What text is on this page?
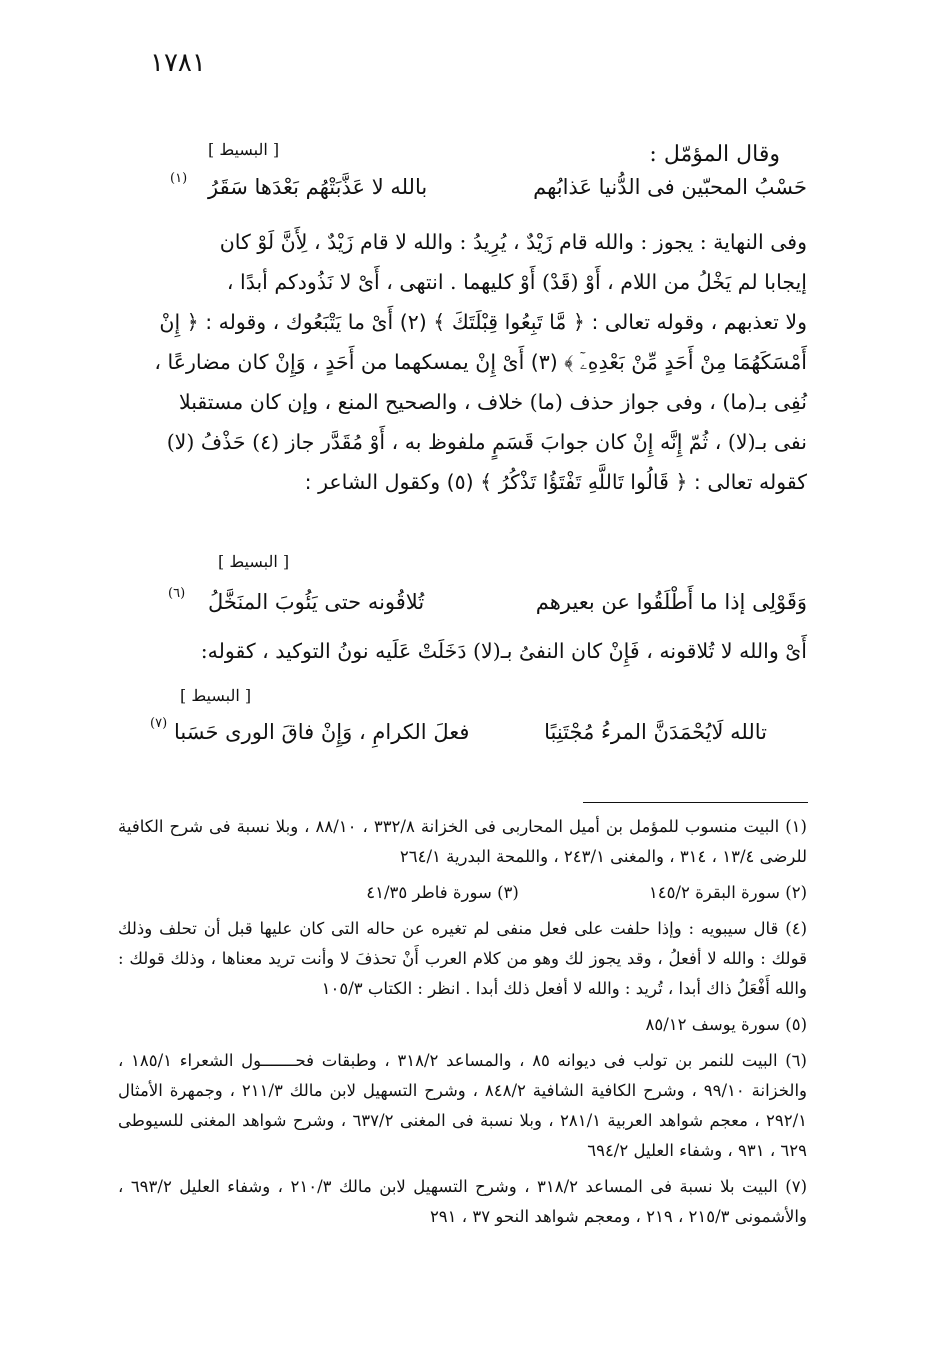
١٧٨١
[ البسيط ]	وقال المؤمّل :
حَسْبُ المحبّين فى الدُّنيا عَذابُهم
بالله لا عَذَّبَتْهُم بَعْدَها سَقَرُ
(١)

وفى النهاية : يجوز : والله قام زَيْدٌ ، يُرِيدُ : والله لا قام زَيْدٌ ، لِأَنَّ لَوْ كان

إيجابا لم يَخْلُ من اللام ، أَوْ (قَدْ) أَوْ كليهما . انتهى ، أَىْ لا نَذُودكم أبدًا ،

ولا تعذبهم ، وقوله تعالى : ﴿ مَّا تَبِعُوا قِبْلَتَكَ ﴾ (٢) أَىْ ما يَتْبَعُوك ، وقوله : ﴿ إِنْ

أَمْسَكَهُمَا مِنْ أَحَدٍ مِّنْ بَعْدِهِۦٓ ﴾ (٣) أَىْ إِنْ يمسكهما من أَحَدٍ ، وَإِنْ كان مضارعًا ،

نُفِى بـ(ما) ، وفى جواز حذف (ما) خلاف ، والصحيح المنع ، وإن كان مستقبلا

نفى بـ(لا) ، ثُمّ إِنَّه إِنْ كان جوابَ قَسَمٍ ملفوظ به ، أَوْ مُقَدَّر جاز (٤) حَذْفُ (لا)

كقوله تعالى : ﴿ قَالُوا تَاللَّهِ تَفْتَؤُا تَذْكُرُ ﴾ (٥) وكقول الشاعر :

[ البسيط ]
وَقَوْلِى إذا ما أَطْلَقُوا عن بعيرهم
تُلاقُونه حتى يَئُوبَ المنَخَّلُ
(٦)
أَىْ والله لا تُلاقونه ، فَإِنْ كان النفىُ بـ(لا) دَخَلَتْ عَلَيه نونُ التوكيد ، كقوله:
[ البسيط ]
تالله لَايُحْمَدَنَّ المرءُ مُجْتَنِبًا
فعلَ الكرامِ ، وَإِنْ فاقَ الورى حَسَبا
(٧)

(١) البيت منسوب للمؤمل بن أميل المحاربى فى الخزانة ٣٣٢/٨ ، ٨٨/١٠ ، وبلا نسبة فى شرح الكافية للرضى ١٣/٤ ، ٣١٤ ، والمغنى ٢٤٣/١ ، واللمحة البدرية ٢٦٤/١

(٢) سورة البقرة ١٤٥/٢
(٣) سورة فاطر ٤١/٣٥

(٤) قال سيبويه : وإذا حلفت على فعل منفى لم تغيره عن حاله التى كان عليها قبل أن تحلف وذلك قولك : والله لا أفعلُ ، وقد يجوز لك وهو من كلام العرب أَنْ تحذفَ لا وأنت تريد معناها ، وذلك قولك : والله أَفْعَلُ ذاك أبدا ، تُريد : والله لا أفعل ذلك أبدا . انظر : الكتاب ١٠٥/٣

(٥) سورة يوسف ٨٥/١٢

(٦) البيت للنمر بن تولب فى ديوانه ٨٥ ، والمساعد ٣١٨/٢ ، وطبقات فحـــــــول الشعراء ١٨٥/١ ، والخزانة ٩٩/١٠ ، وشرح الكافية الشافية ٨٤٨/٢ ، وشرح التسهيل لابن مالك ٢١١/٣ ، وجمهرة الأمثال ٢٩٢/١ ، معجم شواهد العربية ٢٨١/١ ، وبلا نسبة فى المغنى ٦٣٧/٢ ، وشرح شواهد المغنى للسيوطى ٦٢٩ ، ٩٣١ ، وشفاء العليل ٦٩٤/٢

(٧) البيت بلا نسبة فى المساعد ٣١٨/٢ ، وشرح التسهيل لابن مالك ٢١٠/٣ ، وشفاء العليل ٦٩٣/٢ ، والأشمونى ٢١٥/٣ ، ٢١٩ ، ومعجم شواهد النحو ٣٧ ، ٢٩١
